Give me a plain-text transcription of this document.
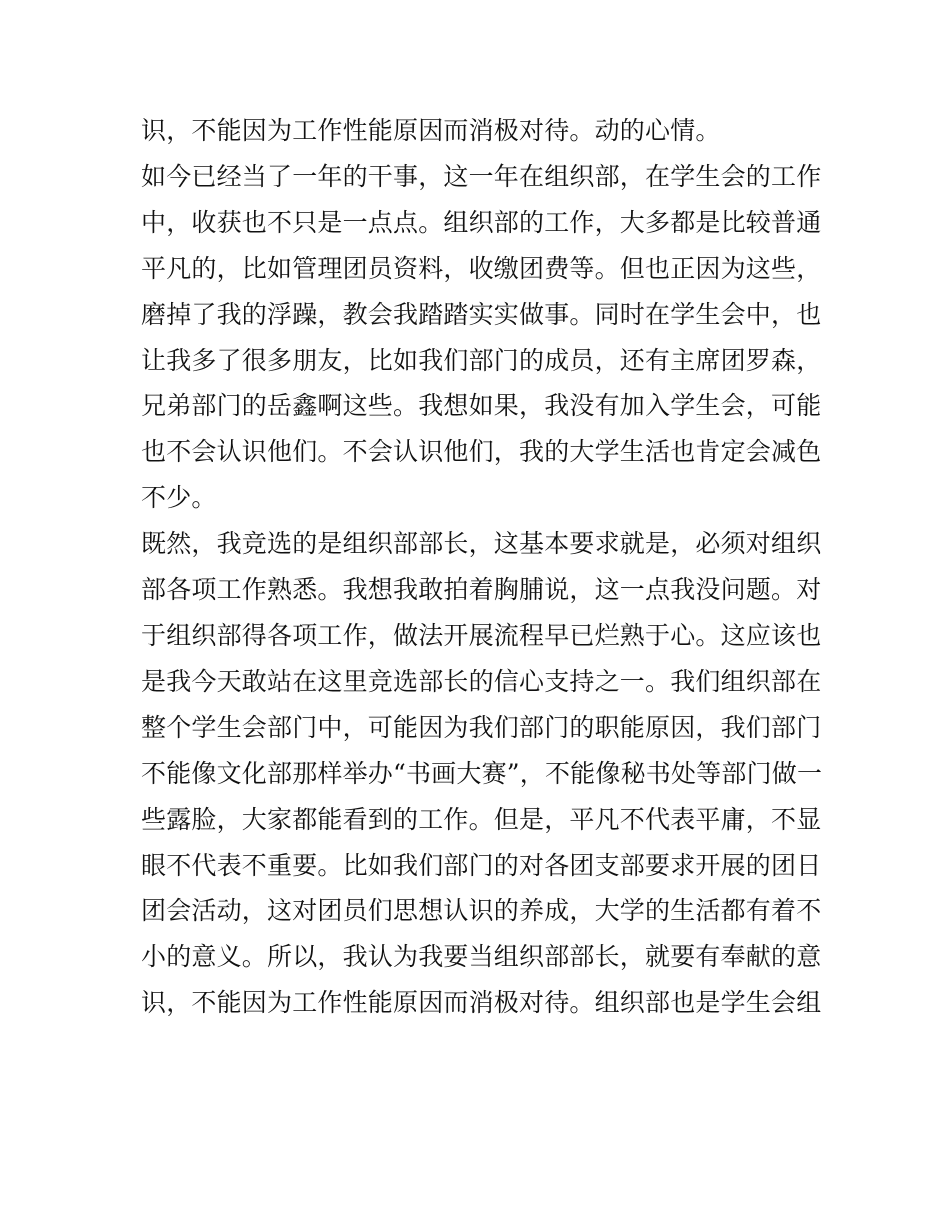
识，不能因为工作性能原因而消极对待。动的心情。
如今已经当了一年的干事，这一年在组织部，在学生会的工作
中，收获也不只是一点点。组织部的工作，大多都是比较普通
平凡的，比如管理团员资料，收缴团费等。但也正因为这些，
磨掉了我的浮躁，教会我踏踏实实做事。同时在学生会中，也
让我多了很多朋友，比如我们部门的成员，还有主席团罗森，
兄弟部门的岳鑫啊这些。我想如果，我没有加入学生会，可能
也不会认识他们。不会认识他们，我的大学生活也肯定会减色
不少。
既然，我竞选的是组织部部长，这基本要求就是，必须对组织
部各项工作熟悉。我想我敢拍着胸脯说，这一点我没问题。对
于组织部得各项工作，做法开展流程早已烂熟于心。这应该也
是我今天敢站在这里竞选部长的信心支持之一。我们组织部在
整个学生会部门中，可能因为我们部门的职能原因，我们部门
不能像文化部那样举办“书画大赛”，不能像秘书处等部门做一
些露脸，大家都能看到的工作。但是，平凡不代表平庸，不显
眼不代表不重要。比如我们部门的对各团支部要求开展的团日
团会活动，这对团员们思想认识的养成，大学的生活都有着不
小的意义。所以，我认为我要当组织部部长，就要有奉献的意
识，不能因为工作性能原因而消极对待。组织部也是学生会组
